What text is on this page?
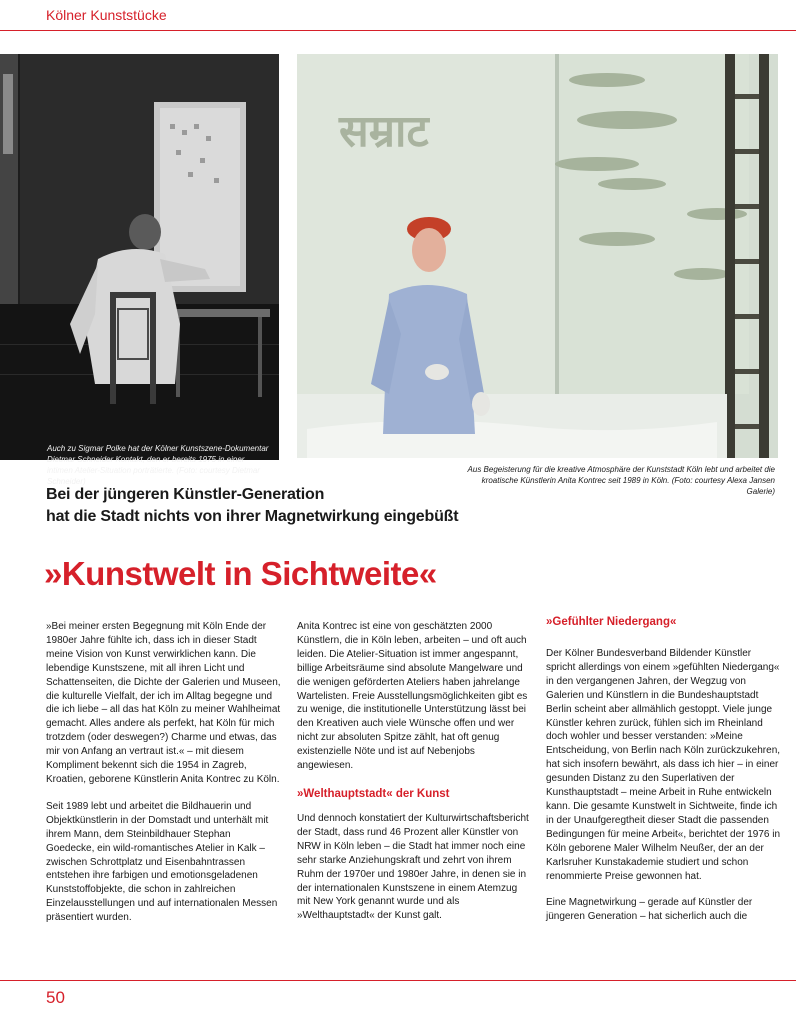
Kölner Kunststücke
Auch zu Sigmar Polke hat der Kölner Kunstszene-Dokumentar Dietmar Schneider Kontakt, den er bereits 1975 in einer intimen Atelier-Situation porträtierte. (Foto: courtesy Dietmar Schneider)
सम्राट
Aus Begeisterung für die kreative Atmosphäre der Kunststadt Köln lebt und arbeitet die kroatische Künstlerin Anita Kontrec seit 1989 in Köln. (Foto: courtesy Alexa Jansen Galerie)
Bei der jüngeren Künstler-Generation
hat die Stadt nichts von ihrer Magnetwirkung eingebüßt
»Kunstwelt in Sichtweite«

»Bei meiner ersten Begegnung mit Köln Ende der 1980er Jahre fühlte ich, dass ich in dieser Stadt meine Vision von Kunst verwirklichen kann. Die lebendige Kunstszene, mit all ihren Licht und Schattenseiten, die Dichte der Galerien und Museen, die kulturelle Vielfalt, der ich im Alltag begegne und die ich liebe – all das hat Köln zu meiner Wahlheimat gemacht. Alles andere als perfekt, hat Köln für mich trotzdem (oder deswegen?) Charme und etwas, das mir von Anfang an vertraut ist.« – mit diesem Kompliment bekennt sich die 1954 in Zagreb, Kroatien, geborene Künstlerin Anita Kontrec zu Köln.

Seit 1989 lebt und arbeitet die Bildhauerin und Objektkünstlerin in der Domstadt und unterhält mit ihrem Mann, dem Steinbildhauer Stephan Goedecke, ein wild-romantisches Atelier in Kalk – zwischen Schrottplatz und Eisenbahntrassen entstehen ihre farbigen und emotionsgeladenen Kunststoffobjekte, die schon in zahlreichen Einzelausstellungen und auf internationalen Messen präsentiert wurden.

Anita Kontrec ist eine von geschätzten 2000 Künstlern, die in Köln leben, arbeiten – und oft auch leiden. Die Atelier-Situation ist immer angespannt, billige Arbeitsräume sind absolute Mangelware und die wenigen geförderten Ateliers haben jahrelange Wartelisten. Freie Ausstellungsmöglichkeiten gibt es zu wenige, die institutionelle Unterstützung lässt bei den Kreativen auch viele Wünsche offen und wer nicht zur absoluten Spitze zählt, hat oft genug existenzielle Nöte und ist auf Nebenjobs angewiesen.

»Welthauptstadt« der Kunst

Und dennoch konstatiert der Kulturwirtschaftsbericht der Stadt, dass rund 46 Prozent aller Künstler von NRW in Köln leben – die Stadt hat immer noch eine sehr starke Anziehungskraft und zehrt von ihrem Ruhm der 1970er und 1980er Jahre, in denen sie in der internationalen Kunstszene in einem Atemzug mit New York genannt wurde und als »Welthauptstadt« der Kunst galt.

»Gefühlter Niedergang«

Der Kölner Bundesverband Bildender Künstler spricht allerdings von einem »gefühlten Niedergang« in den vergangenen Jahren, der Wegzug von Galerien und Künstlern in die Bundeshauptstadt Berlin scheint aber allmählich gestoppt. Viele junge Künstler kehren zurück, fühlen sich im Rheinland doch wohler und besser verstanden: »Meine Entscheidung, von Berlin nach Köln zurückzukehren, hat sich insofern bewährt, als dass ich hier – in einer gesunden Distanz zu den Superlativen der Kunsthauptstadt – meine Arbeit in Ruhe entwickeln kann. Die gesamte Kunstwelt in Sichtweite, finde ich in der Unaufgeregtheit dieser Stadt die passenden Bedingungen für meine Arbeit«, berichtet der 1976 in Köln geborene Maler Wilhelm Neußer, der an der Karlsruher Kunstakademie studiert und schon renommierte Preise gewonnen hat.

Eine Magnetwirkung – gerade auf Künstler der jüngeren Generation – hat sicherlich auch die

50
